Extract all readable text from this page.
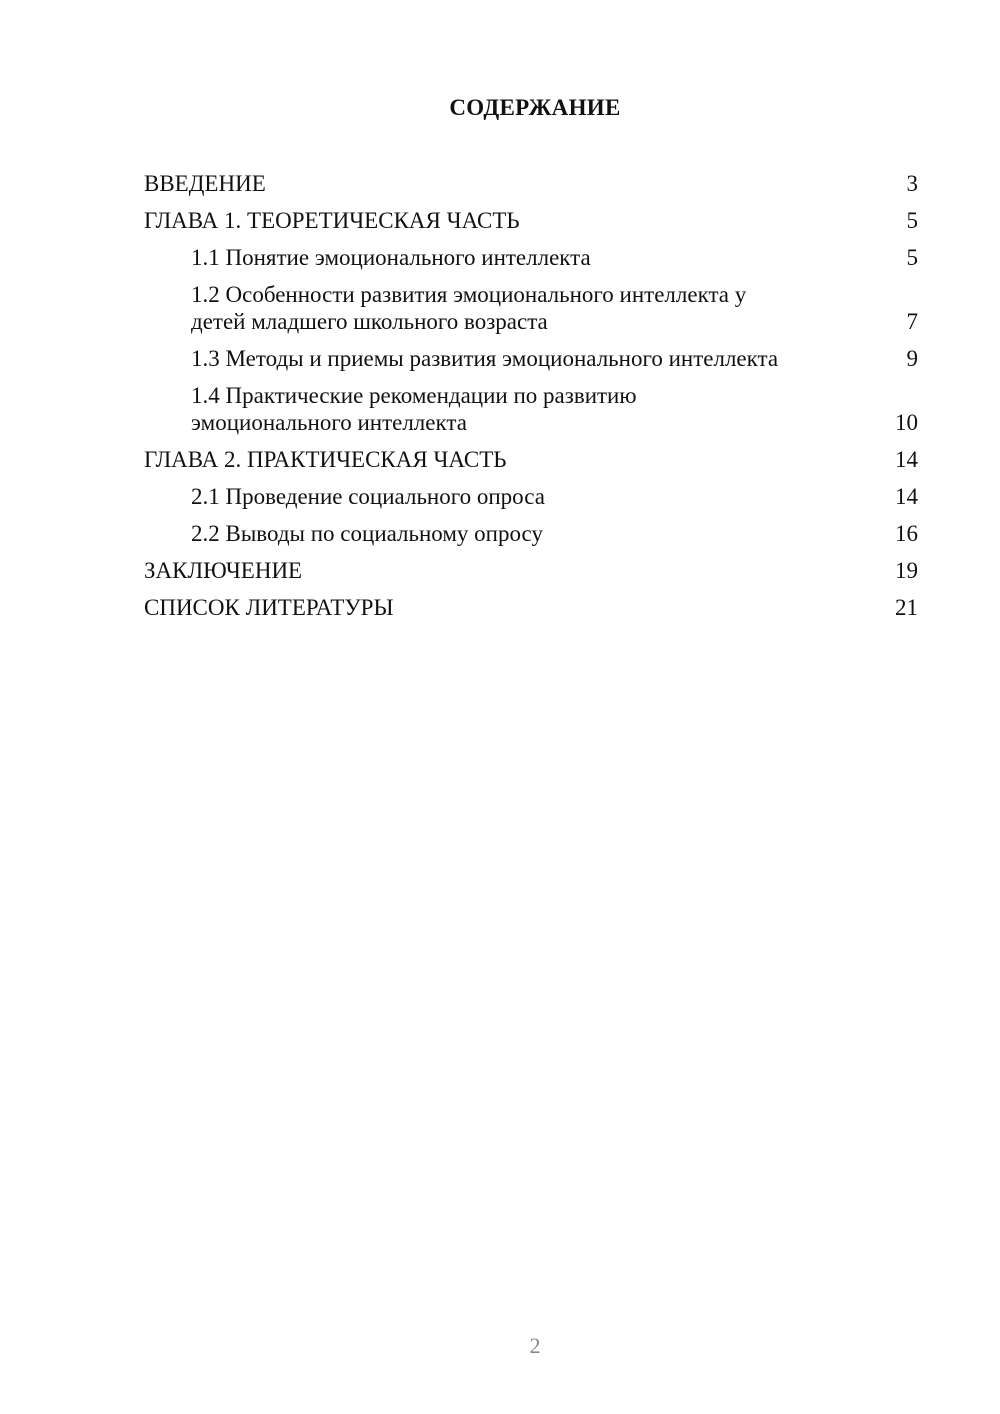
СОДЕРЖАНИЕ
ВВЕДЕНИЕ	3
ГЛАВА 1. ТЕОРЕТИЧЕСКАЯ ЧАСТЬ	5
1.1 Понятие эмоционального интеллекта	5
1.2 Особенности развития эмоционального интеллекта у детей младшего школьного возраста	7
1.3 Методы и приемы развития эмоционального интеллекта	9
1.4 Практические рекомендации по развитию эмоционального интеллекта	10
ГЛАВА 2. ПРАКТИЧЕСКАЯ ЧАСТЬ	14
2.1 Проведение социального опроса	14
2.2 Выводы по социальному опросу	16
ЗАКЛЮЧЕНИЕ	19
СПИСОК ЛИТЕРАТУРЫ	21
2
